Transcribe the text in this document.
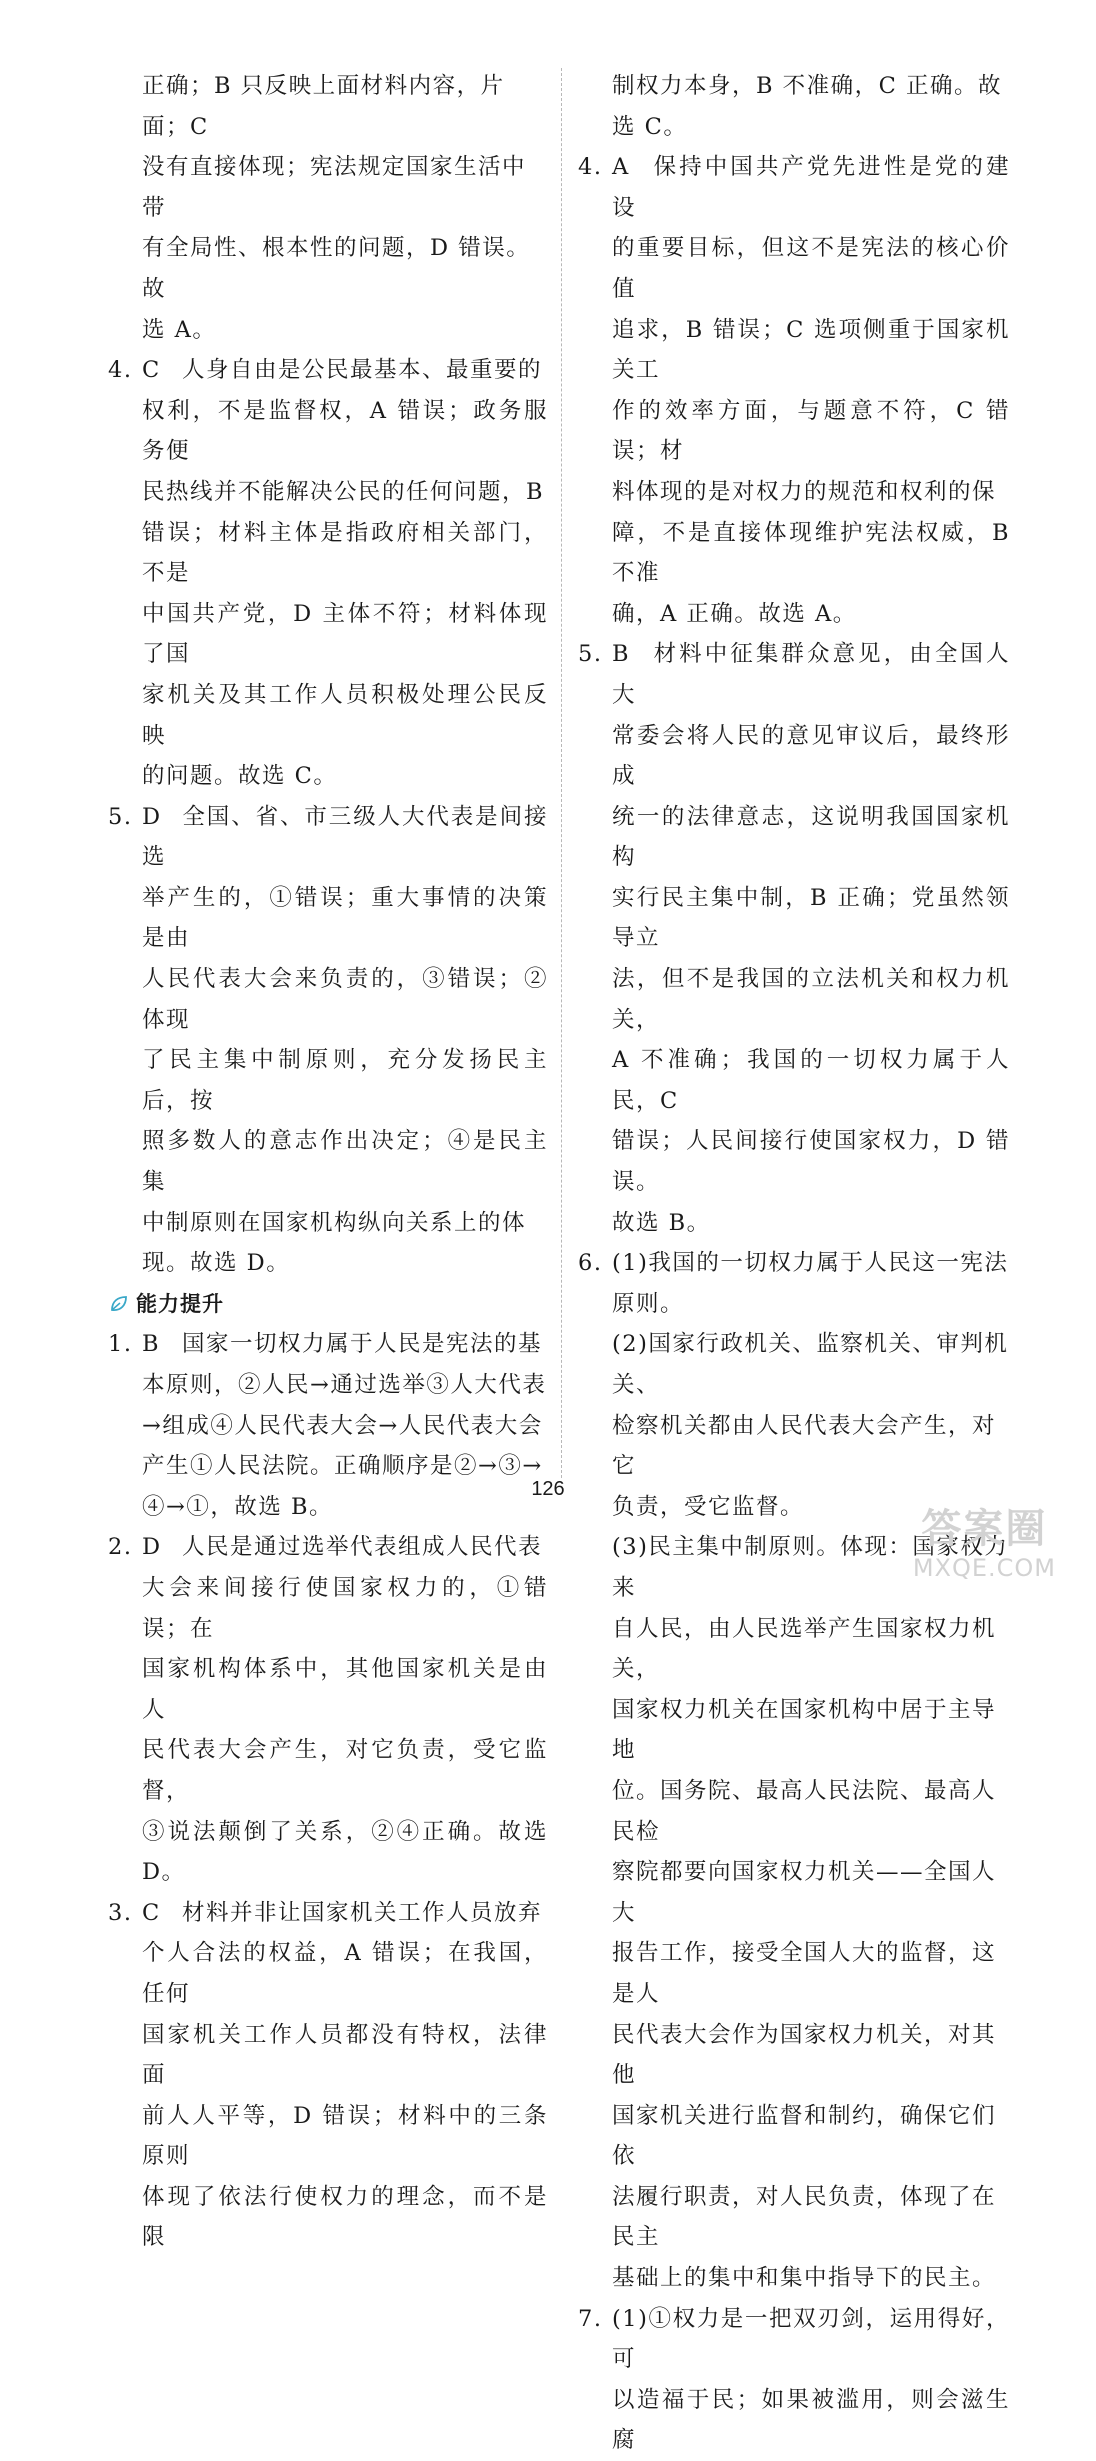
正确；B 只反映上面材料内容，片面；C
没有直接体现；宪法规定国家生活中带
有全局性、根本性的问题，D 错误。故
选 A。
4. C 人身自由是公民最基本、最重要的
权利，不是监督权，A 错误；政务服务便
民热线并不能解决公民的任何问题，B
错误；材料主体是指政府相关部门，不是
中国共产党，D 主体不符；材料体现了国
家机关及其工作人员积极处理公民反映
的问题。故选 C。
5. D 全国、省、市三级人大代表是间接选
举产生的，①错误；重大事情的决策是由
人民代表大会来负责的，③错误；②体现
了民主集中制原则，充分发扬民主后，按
照多数人的意志作出决定；④是民主集
中制原则在国家机构纵向关系上的体
现。故选 D。
能力提升
1. B 国家一切权力属于人民是宪法的基
本原则，②人民→通过选举③人大代表
→组成④人民代表大会→人民代表大会
产生①人民法院。正确顺序是②→③→
④→①，故选 B。
2. D 人民是通过选举代表组成人民代表
大会来间接行使国家权力的，①错误；在
国家机构体系中，其他国家机关是由人
民代表大会产生，对它负责，受它监督，
③说法颠倒了关系，②④正确。故选 D。
3. C 材料并非让国家机关工作人员放弃
个人合法的权益，A 错误；在我国，任何
国家机关工作人员都没有特权，法律面
前人人平等，D 错误；材料中的三条原则
体现了依法行使权力的理念，而不是限
制权力本身，B 不准确，C 正确。故
选 C。
4. A 保持中国共产党先进性是党的建设
的重要目标，但这不是宪法的核心价值
追求，B 错误；C 选项侧重于国家机关工
作的效率方面，与题意不符，C 错误；材
料体现的是对权力的规范和权利的保
障，不是直接体现维护宪法权威，B 不准
确，A 正确。故选 A。
5. B 材料中征集群众意见，由全国人大
常委会将人民的意见审议后，最终形成
统一的法律意志，这说明我国国家机构
实行民主集中制，B 正确；党虽然领导立
法，但不是我国的立法机关和权力机关，
A 不准确；我国的一切权力属于人民，C
错误；人民间接行使国家权力，D 错误。
故选 B。
6. (1)我国的一切权力属于人民这一宪法
原则。
(2)国家行政机关、监察机关、审判机关、
检察机关都由人民代表大会产生，对它
负责，受它监督。
(3)民主集中制原则。体现：国家权力来
自人民，由人民选举产生国家权力机关，
国家权力机关在国家机构中居于主导地
位。国务院、最高人民法院、最高人民检
察院都要向国家权力机关——全国人大
报告工作，接受全国人大的监督，这是人
民代表大会作为国家权力机关，对其他
国家机关进行监督和制约，确保它们依
法履行职责，对人民负责，体现了在民主
基础上的集中和集中指导下的民主。
7. (1)①权力是一把双刃剑，运用得好，可
以造福于民；如果被滥用，则会滋生腐
126
答案圈
MXQE.COM
